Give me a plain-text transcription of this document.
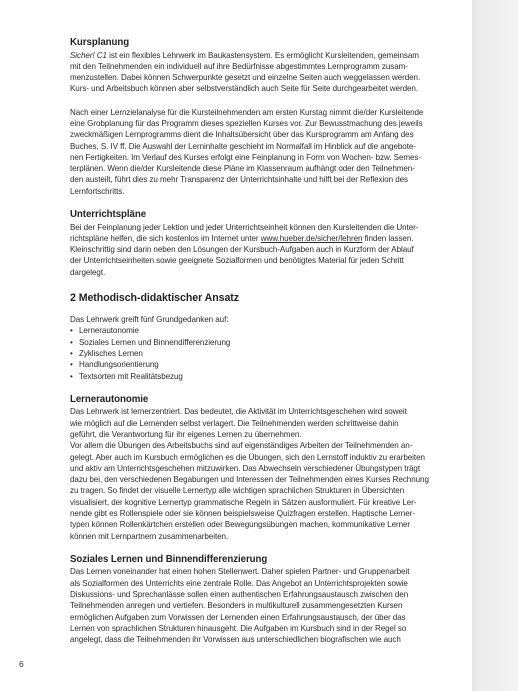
Kursplanung
Sicher! C1 ist ein flexibles Lehrwerk im Baukastensystem. Es ermöglicht Kursleitenden, gemeinsam
mit den Teilnehmenden ein individuell auf ihre Bedürfnisse abgestimmtes Lernprogramm zusam-
menzustellen. Dabei können Schwerpunkte gesetzt und einzelne Seiten auch weggelassen werden.
Kurs- und Arbeitsbuch können aber selbstverständlich auch Seite für Seite durchgearbeitet werden.
Nach einer Lernzielanalyse für die Kursteilnehmenden am ersten Kurstag nimmt die/der Kursleitende
eine Grobplanung für das Programm dieses speziellen Kurses vor. Zur Bewusstmachung des jeweils
zweckmäßigen Lernprogramms dient die Inhaltsübersicht über das Kursprogramm am Anfang des
Buches, S. IV ff. Die Auswahl der Lerninhalte geschieht im Normalfall im Hinblick auf die angebote-
nen Fertigkeiten. Im Verlauf des Kurses erfolgt eine Feinplanung in Form von Wochen- bzw. Semes-
terplänen. Wenn die/der Kursleitende diese Pläne im Klassenraum aufhängt oder den Teilnehmen-
den austeilt, führt dies zu mehr Transparenz der Unterrichtsinhalte und hilft bei der Reflexion des
Lernfortschritts.
Unterrichtspläne
Bei der Feinplanung jeder Lektion und jeder Unterrichtseinheit können den Kursleitenden die Unter-
richtspläne helfen, die sich kostenlos im Internet unter www.hueber.de/sicher/lehren finden lassen.
Kleinschrittig sind darin neben den Lösungen der Kursbuch-Aufgaben auch in Kurzform der Ablauf
der Unterrichtseinheiten sowie geeignete Sozialformen und benötigtes Material für jeden Schritt
dargelegt.
2 Methodisch-didaktischer Ansatz
Das Lehrwerk greift fünf Grundgedanken auf:
• Lernerautonomie
• Soziales Lernen und Binnendifferenzierung
• Zyklisches Lernen
• Handlungsorientierung
• Textsorten mit Realitätsbezug
Lernerautonomie
Das Lehrwerk ist lernerzentriert. Das bedeutet, die Aktivität im Unterrichtsgeschehen wird soweit
wie möglich auf die Lernenden selbst verlagert. Die Teilnehmenden werden schrittweise dahin
geführt, die Verantwortung für ihr eigenes Lernen zu übernehmen.
Vor allem die Übungen des Arbeitsbuchs sind auf eigenständiges Arbeiten der Teilnehmenden an-
gelegt. Aber auch im Kursbuch ermöglichen es die Übungen, sich den Lernstoff induktiv zu erarbeiten
und aktiv am Unterrichtsgeschehen mitzuwirken. Das Abwechseln verschiedener Übungstypen trägt
dazu bei, den verschiedenen Begabungen und Interessen der Teilnehmenden eines Kurses Rechnung
zu tragen. So findet der visuelle Lernertyp alle wichtigen sprachlichen Strukturen in Übersichten
visualisiert, der kognitive Lernertyp grammatische Regeln in Sätzen ausformuliert. Für kreative Ler-
nende gibt es Rollenspiele oder sie können beispielsweise Quizfragen erstellen. Haptische Lerner-
typen können Rollenkärtchen erstellen oder Bewegungsübungen machen, kommunikative Lerner
können mit Lernpartnern zusammenarbeiten.
Soziales Lernen und Binnendifferenzierung
Das Lernen voneinander hat einen hohen Stellenwert. Daher spielen Partner- und Gruppenarbeit
als Sozialformen des Unterrichts eine zentrale Rolle. Das Angebot an Unterrichtsprojekten sowie
Diskussions- und Sprechanlässe sollen einen authentischen Erfahrungsaustausch zwischen den
Teilnehmenden anregen und vertiefen. Besonders in multikulturell zusammengesetzten Kursen
ermöglichen Aufgaben zum Vorwissen der Lernenden einen Erfahrungsaustausch, der über das
Lernen von sprachlichen Strukturen hinausgeht. Die Aufgaben im Kursbuch sind in der Regel so
angelegt, dass die Teilnehmenden ihr Vorwissen aus unterschiedlichen biografischen wie auch
6
